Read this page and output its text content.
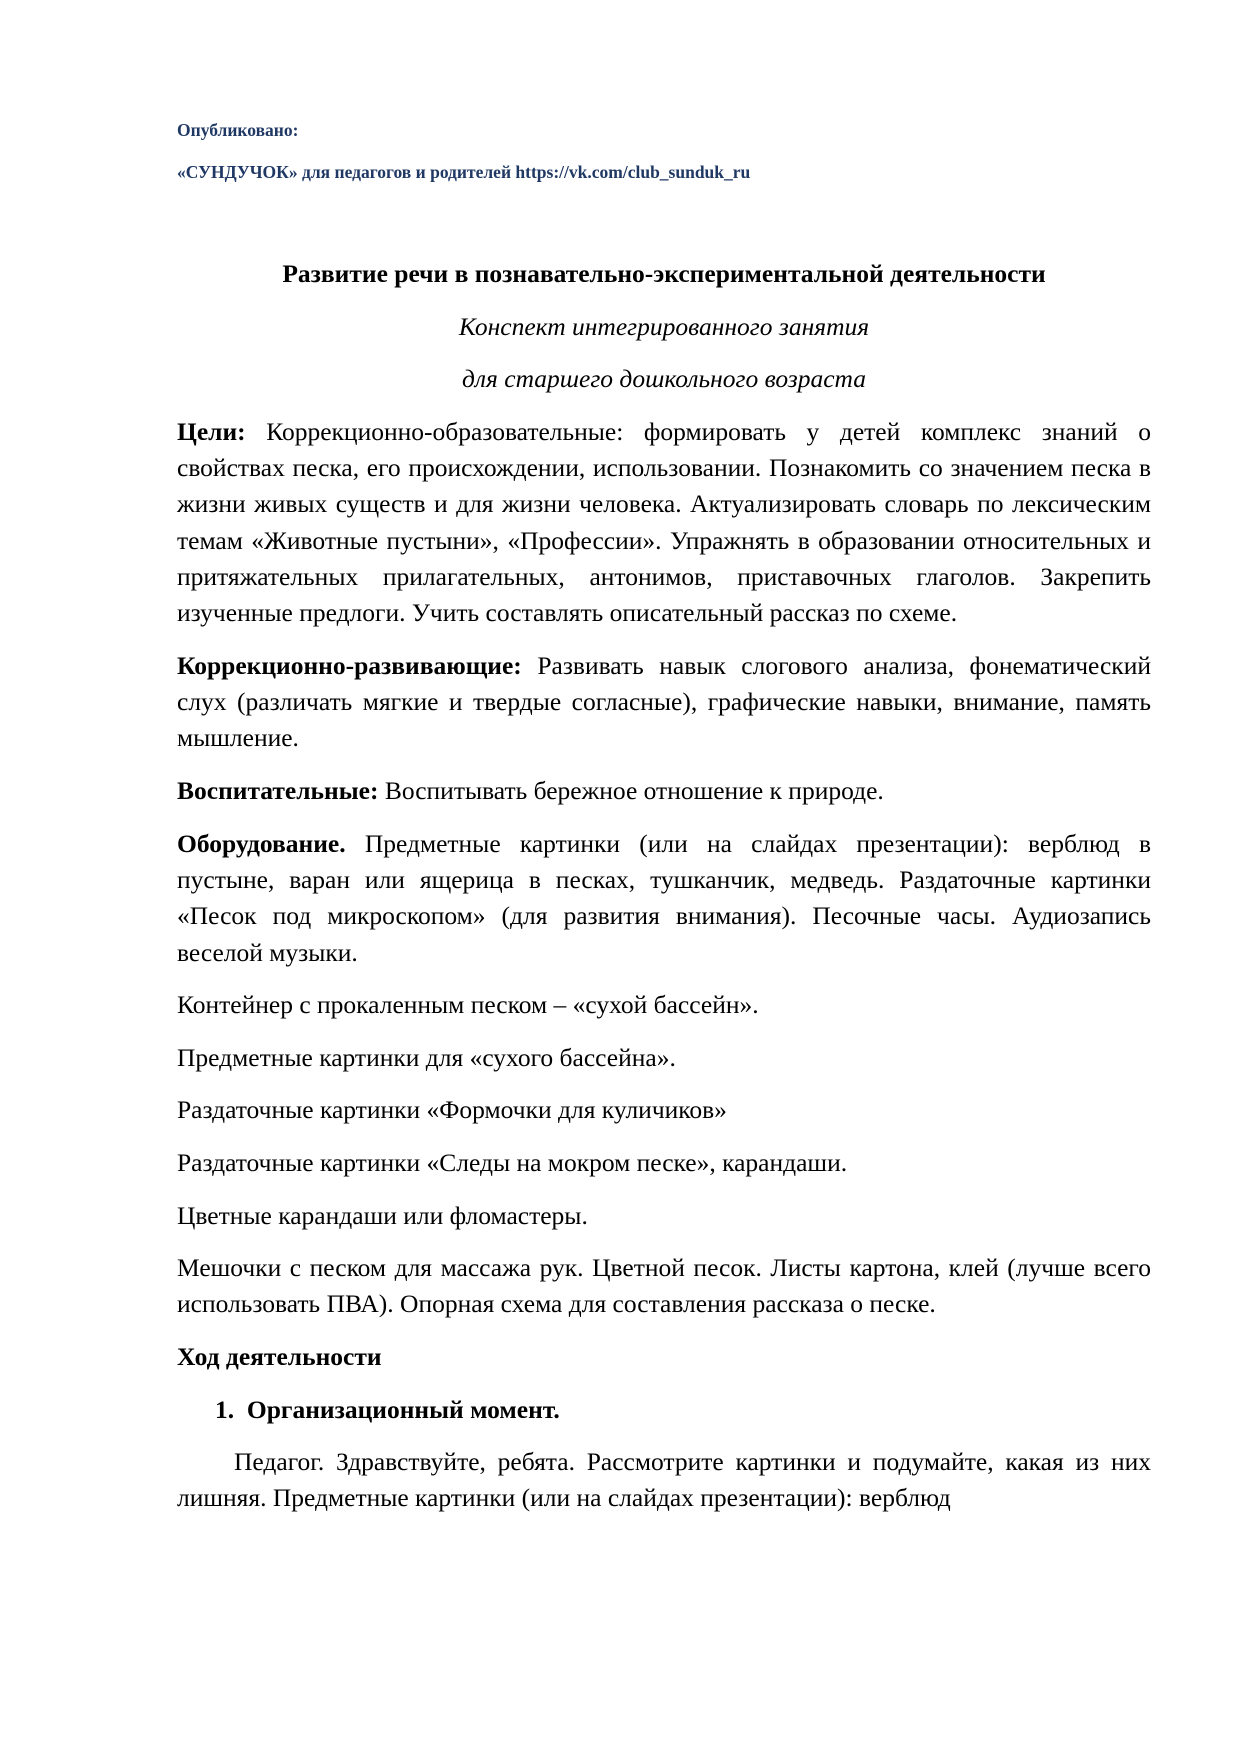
Опубликовано:
«СУНДУЧОК» для педагогов и родителей https://vk.com/club_sunduk_ru

Развитие речи в познавательно-экспериментальной деятельности

Конспект интегрированного занятия

для старшего дошкольного возраста

Цели: Коррекционно-образовательные: формировать у детей комплекс знаний о свойствах песка, его происхождении, использовании. Познакомить со значением песка в жизни живых существ и для жизни человека. Актуализировать словарь по лексическим темам «Животные пустыни», «Профессии». Упражнять в образовании относительных и притяжательных прилагательных, антонимов, приставочных глаголов. Закрепить изученные предлоги. Учить составлять описательный рассказ по схеме.

Коррекционно-развивающие: Развивать навык слогового анализа, фонематический слух (различать мягкие и твердые согласные), графические навыки, внимание, память мышление.

Воспитательные: Воспитывать бережное отношение к природе.

Оборудование. Предметные картинки (или на слайдах презентации): верблюд в пустыне, варан или ящерица в песках, тушканчик, медведь. Раздаточные картинки «Песок под микроскопом» (для развития внимания). Песочные часы. Аудиозапись веселой музыки.

Контейнер с прокаленным песком – «сухой бассейн».

Предметные картинки для «сухого бассейна».

Раздаточные картинки «Формочки для куличиков»

Раздаточные картинки «Следы на мокром песке», карандаши.

Цветные карандаши или фломастеры.

Мешочки с песком для массажа рук. Цветной песок. Листы картона, клей (лучше всего использовать ПВА). Опорная схема для составления рассказа о песке.

Ход деятельности

1. Организационный момент.

Педагог. Здравствуйте, ребята. Рассмотрите картинки и подумайте, какая из них лишняя. Предметные картинки (или на слайдах презентации): верблюд
